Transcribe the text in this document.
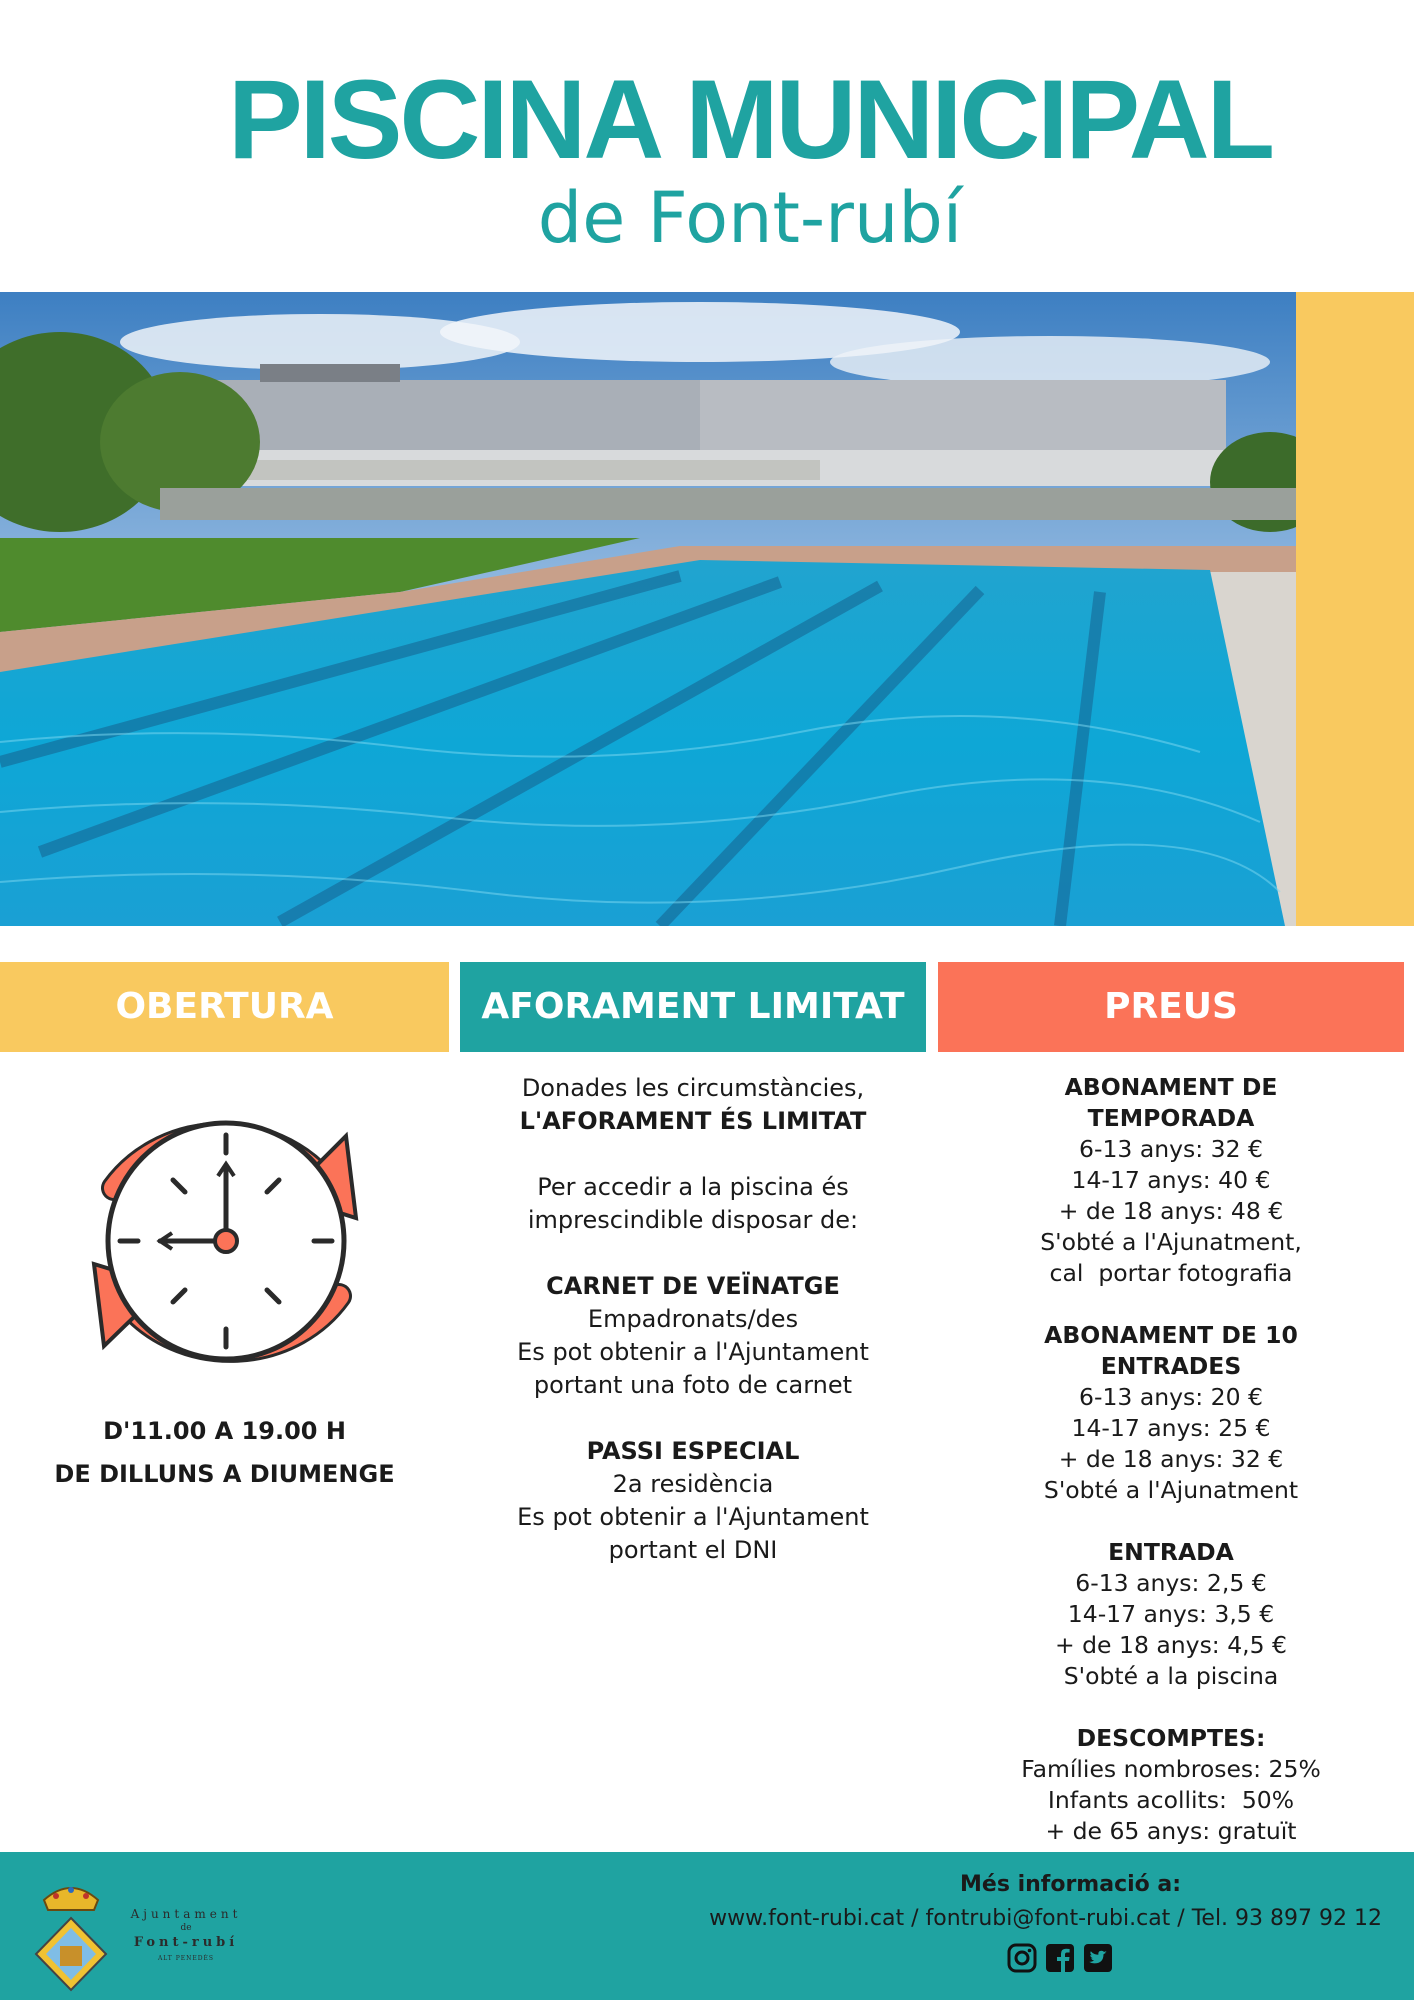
PISCINA MUNICIPAL
de Font-rubí
OBERTURA	AFORAMENT LIMITAT	PREUS
D'11.00 A 19.00 H
DE DILLUNS A DIUMENGE
Donades les circumstàncies,
L'AFORAMENT ÉS LIMITAT
Per accedir a la piscina és
imprescindible disposar de:
CARNET DE VEÏNATGE
Empadronats/des
Es pot obtenir a l'Ajuntament
portant una foto de carnet
PASSI ESPECIAL
2a residència
Es pot obtenir a l'Ajuntament
portant el DNI
ABONAMENT DE
TEMPORADA
6-13 anys: 32 €
14-17 anys: 40 €
+ de 18 anys: 48 €
S'obté a l'Ajunatment,
cal  portar fotografia
ABONAMENT DE 10
ENTRADES
6-13 anys: 20 €
14-17 anys: 25 €
+ de 18 anys: 32 €
S'obté a l'Ajunatment
ENTRADA
6-13 anys: 2,5 €
14-17 anys: 3,5 €
+ de 18 anys: 4,5 €
S'obté a la piscina
DESCOMPTES:
Famílies nombroses: 25%
Infants acollits:  50%
+ de 65 anys: gratuït
Ajuntament
de
Font-rubí
ALT PENEDÈS
Més informació a:
www.font-rubi.cat / fontrubi@font-rubi.cat / Tel. 93 897 92 12
